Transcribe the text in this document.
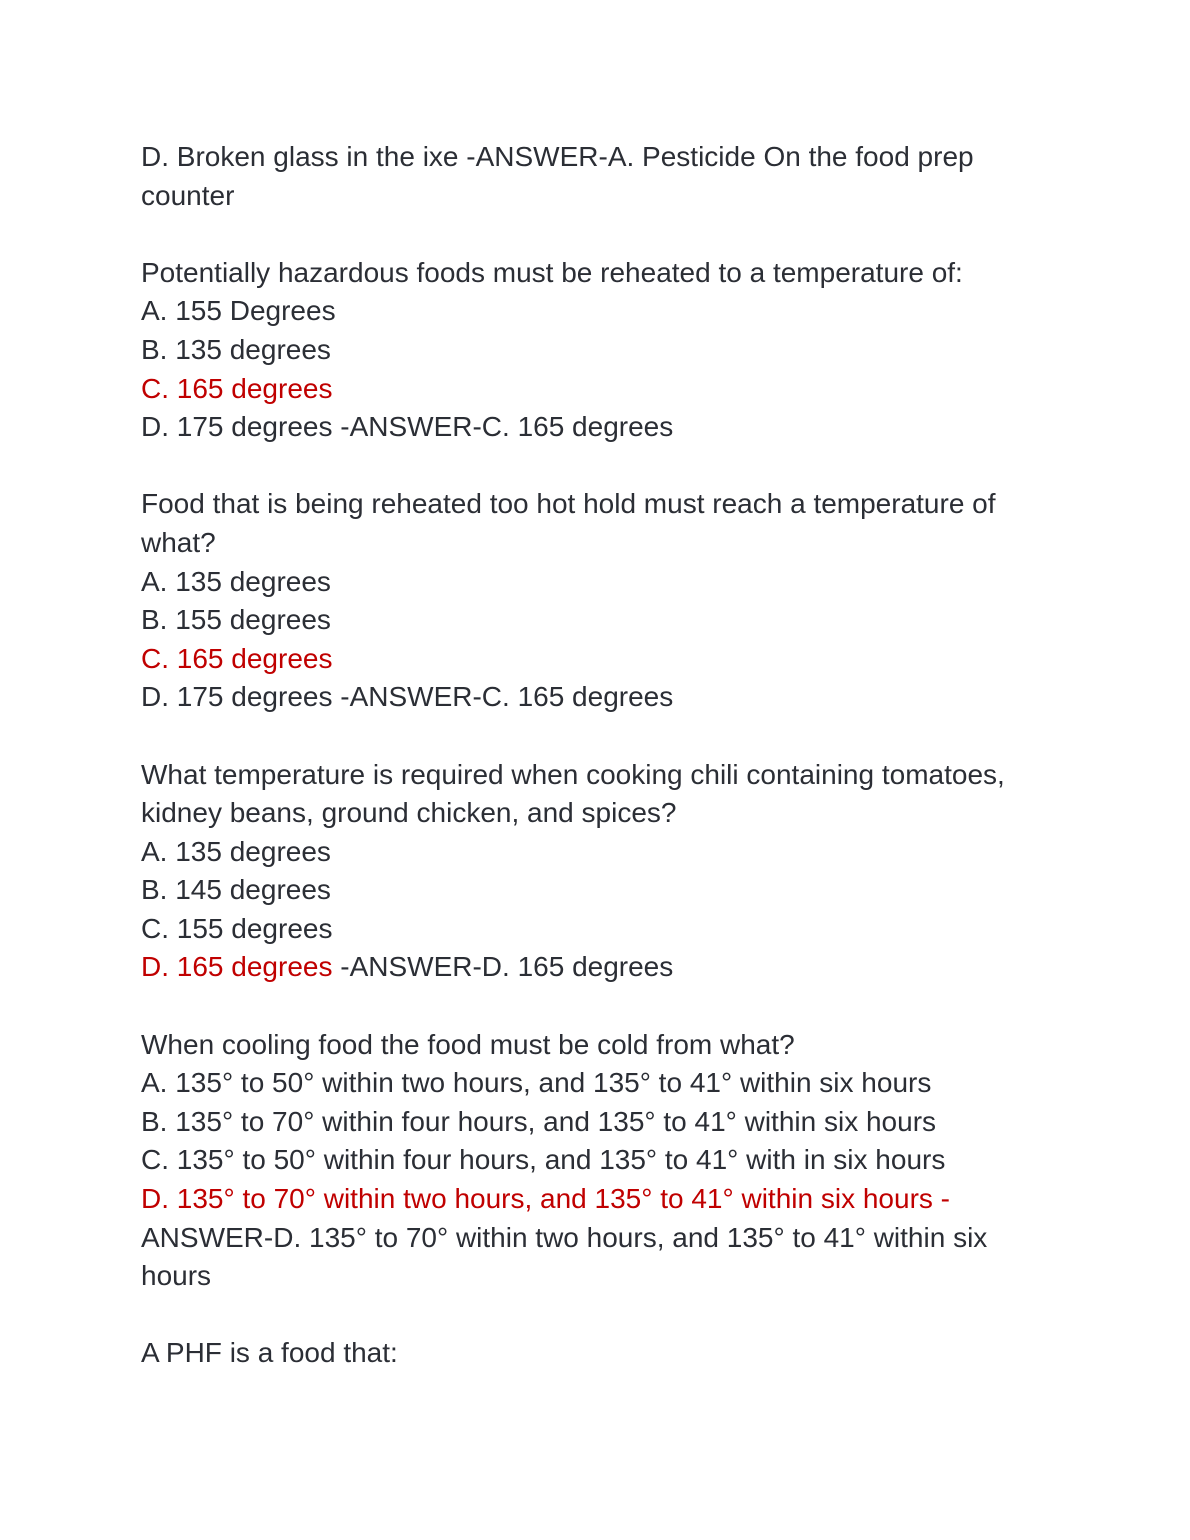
D. Broken glass in the ixe -ANSWER-A. Pesticide On the food prep counter
Potentially hazardous foods must be reheated to a temperature of:
A. 155 Degrees
B. 135 degrees
C. 165 degrees
D. 175 degrees -ANSWER-C. 165 degrees
Food that is being reheated too hot hold must reach a temperature of what?
A. 135 degrees
B. 155 degrees
C. 165 degrees
D. 175 degrees -ANSWER-C. 165 degrees
What temperature is required when cooking chili containing tomatoes, kidney beans, ground chicken, and spices?
A. 135 degrees
B. 145 degrees
C. 155 degrees
D. 165 degrees -ANSWER-D. 165 degrees
When cooling food the food must be cold from what?
A. 135° to 50° within two hours, and 135° to 41° within six hours
B. 135° to 70° within four hours, and 135° to 41° within six hours
C. 135° to 50° within four hours, and 135° to 41° with in six hours
D. 135° to 70° within two hours, and 135° to 41° within six hours -
ANSWER-D. 135° to 70° within two hours, and 135° to 41° within six hours
A PHF is a food that:
